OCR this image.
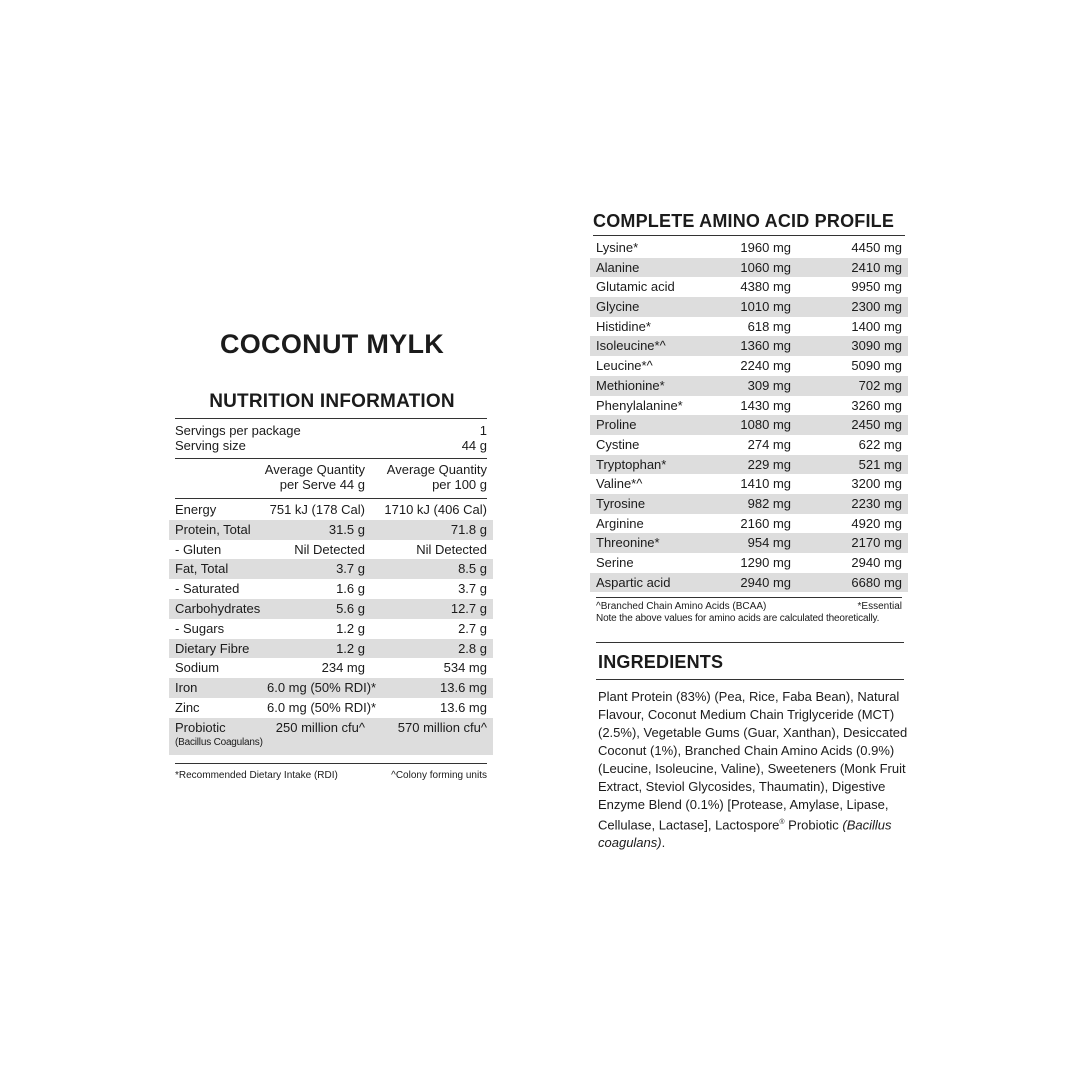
COCONUT MYLK
NUTRITION INFORMATION
Servings per package	1
Serving size	44 g
Average Quantity
per Serve 44 g
Average Quantity
per 100 g
Energy	751 kJ (178 Cal)	1710 kJ (406 Cal)
Protein, Total	31.5 g	71.8 g
- Gluten	Nil Detected	Nil Detected
Fat, Total	3.7 g	8.5 g
- Saturated	1.6 g	3.7 g
Carbohydrates	5.6 g	12.7 g
- Sugars	1.2 g	2.7 g
Dietary Fibre	1.2 g	2.8 g
Sodium	234 mg	534 mg
Iron	6.0 mg (50% RDI)*	13.6 mg
Zinc	6.0 mg (50% RDI)*	13.6 mg
Probiotic
(Bacillus Coagulans)
250 million cfu^	570 million cfu^
*Recommended Dietary Intake (RDI)	^Colony forming units
COMPLETE AMINO ACID PROFILE
Lysine*	1960 mg	4450 mg
Alanine	1060 mg	2410 mg
Glutamic acid	4380 mg	9950 mg
Glycine	1010 mg	2300 mg
Histidine*	618 mg	1400 mg
Isoleucine*^	1360 mg	3090 mg
Leucine*^	2240 mg	5090 mg
Methionine*	309 mg	702 mg
Phenylalanine*	1430 mg	3260 mg
Proline	1080 mg	2450 mg
Cystine	274 mg	622 mg
Tryptophan*	229 mg	521 mg
Valine*^	1410 mg	3200 mg
Tyrosine	982 mg	2230 mg
Arginine	2160 mg	4920 mg
Threonine*	954 mg	2170 mg
Serine	1290 mg	2940 mg
Aspartic acid	2940 mg	6680 mg
^Branched Chain Amino Acids (BCAA)	*Essential
Note the above values for amino acids are calculated theoretically.
INGREDIENTS
Plant Protein (83%) (Pea, Rice, Faba Bean), Natural Flavour, Coconut Medium Chain Triglyceride (MCT) (2.5%), Vegetable Gums (Guar, Xanthan), Desiccated Coconut (1%), Branched Chain Amino Acids (0.9%) (Leucine, Isoleucine, Valine), Sweeteners (Monk Fruit Extract, Steviol Glycosides, Thaumatin), Digestive Enzyme Blend (0.1%) [Protease, Amylase, Lipase, Cellulase, Lactase], Lactospore® Probiotic (Bacillus coagulans).
